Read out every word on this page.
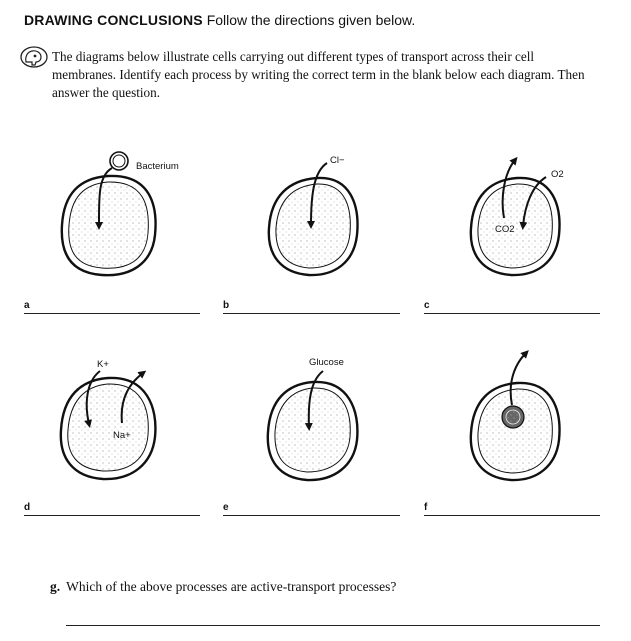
DRAWING CONCLUSIONS Follow the directions given below.
The diagrams below illustrate cells carrying out different types of transport across their cell membranes. Identify each process by writing the correct term in the blank below each diagram. Then answer the question.
Bacterium
Cl−
O2
CO2
K+
Na+
Glucose
a	b	c
d	e	f
g. Which of the above processes are active-transport processes?
